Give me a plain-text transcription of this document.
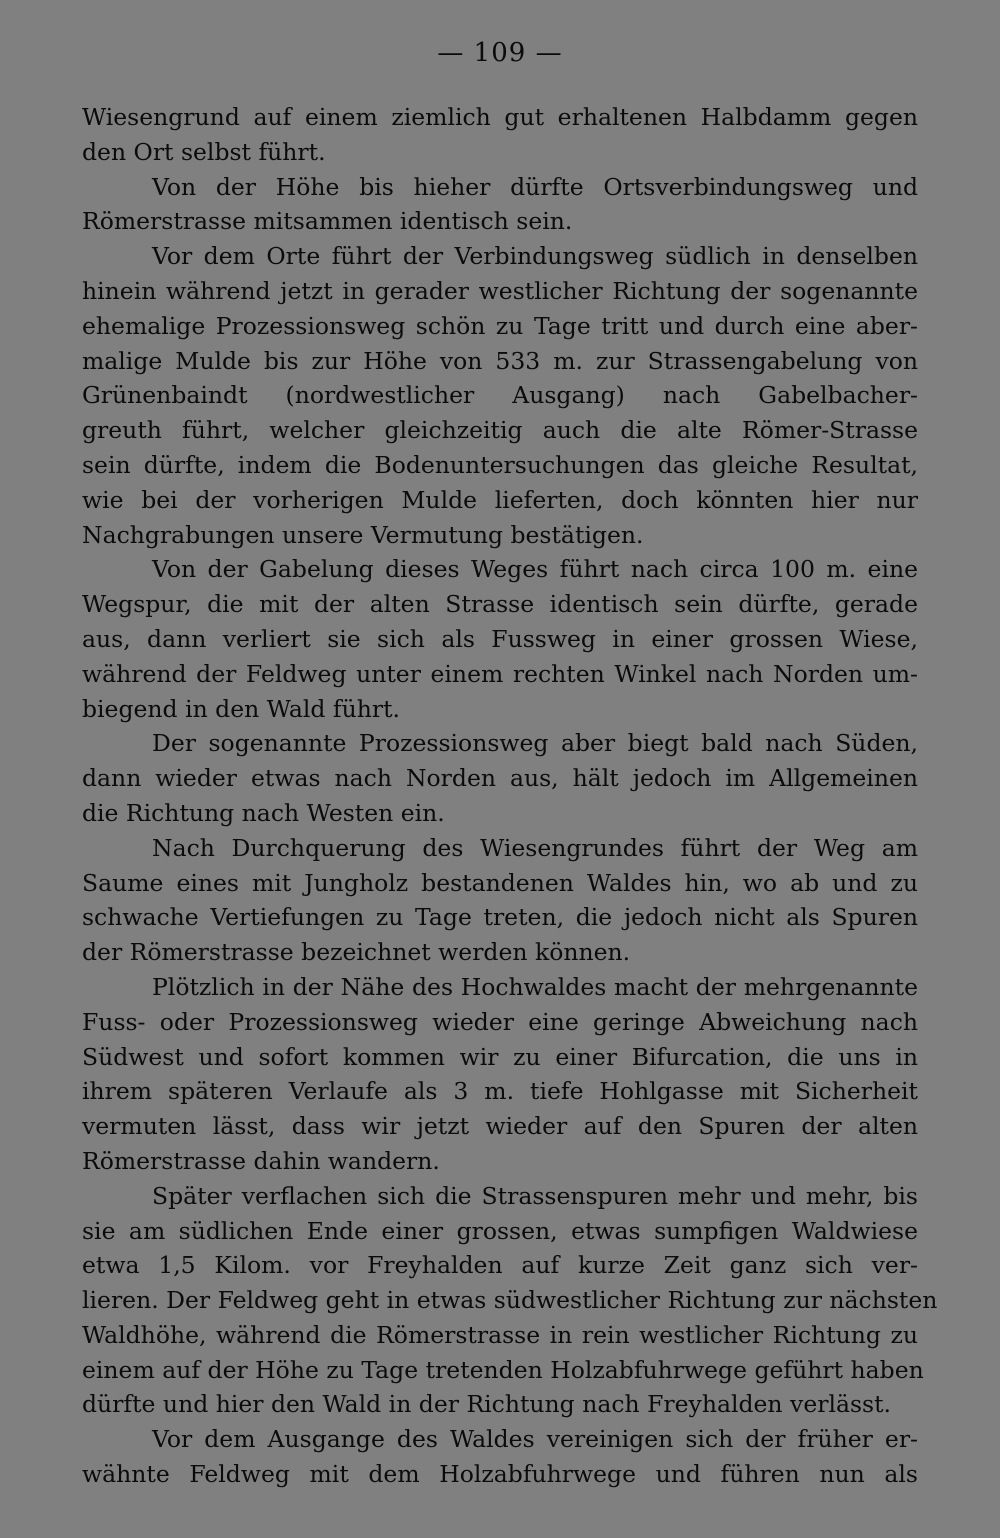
— 109 —
Wiesengrund auf einem ziemlich gut erhaltenen Halbdamm gegen
den Ort selbst führt.
Von der Höhe bis hieher dürfte Ortsverbindungsweg und
Römerstrasse mitsammen identisch sein.
Vor dem Orte führt der Verbindungsweg südlich in denselben
hinein während jetzt in gerader westlicher Richtung der sogenannte
ehemalige Prozessionsweg schön zu Tage tritt und durch eine aber-
malige Mulde bis zur Höhe von 533 m. zur Strassengabelung von
Grünenbaindt (nordwestlicher Ausgang) nach Gabelbacher-
greuth führt, welcher gleichzeitig auch die alte Römer-Strasse
sein dürfte, indem die Bodenuntersuchungen das gleiche Resultat,
wie bei der vorherigen Mulde lieferten, doch könnten hier nur
Nachgrabungen unsere Vermutung bestätigen.
Von der Gabelung dieses Weges führt nach circa 100 m. eine
Wegspur, die mit der alten Strasse identisch sein dürfte, gerade
aus, dann verliert sie sich als Fussweg in einer grossen Wiese,
während der Feldweg unter einem rechten Winkel nach Norden um-
biegend in den Wald führt.
Der sogenannte Prozessionsweg aber biegt bald nach Süden,
dann wieder etwas nach Norden aus, hält jedoch im Allgemeinen
die Richtung nach Westen ein.
Nach Durchquerung des Wiesengrundes führt der Weg am
Saume eines mit Jungholz bestandenen Waldes hin, wo ab und zu
schwache Vertiefungen zu Tage treten, die jedoch nicht als Spuren
der Römerstrasse bezeichnet werden können.
Plötzlich in der Nähe des Hochwaldes macht der mehrgenannte
Fuss- oder Prozessionsweg wieder eine geringe Abweichung nach
Südwest und sofort kommen wir zu einer Bifurcation, die uns in
ihrem späteren Verlaufe als 3 m. tiefe Hohlgasse mit Sicherheit
vermuten lässt, dass wir jetzt wieder auf den Spuren der alten
Römerstrasse dahin wandern.
Später verflachen sich die Strassenspuren mehr und mehr, bis
sie am südlichen Ende einer grossen, etwas sumpfigen Waldwiese
etwa 1,5 Kilom. vor Freyhalden auf kurze Zeit ganz sich ver-
lieren. Der Feldweg geht in etwas südwestlicher Richtung zur nächsten
Waldhöhe, während die Römerstrasse in rein westlicher Richtung zu
einem auf der Höhe zu Tage tretenden Holzabfuhrwege geführt haben
dürfte und hier den Wald in der Richtung nach Freyhalden verlässt.
Vor dem Ausgange des Waldes vereinigen sich der früher er-
wähnte Feldweg mit dem Holzabfuhrwege und führen nun als
